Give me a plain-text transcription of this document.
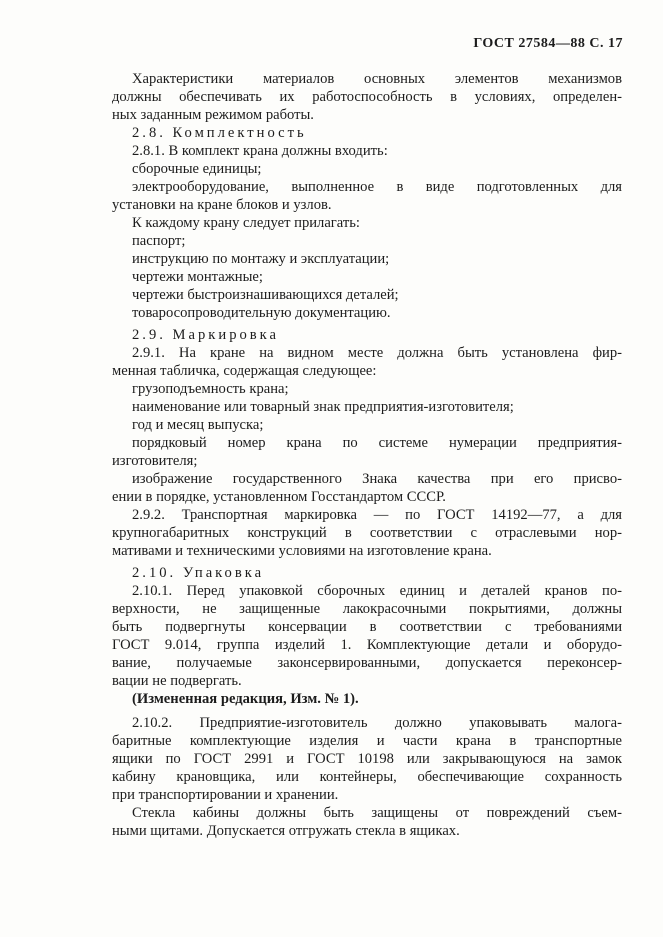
ГОСТ 27584—88 С. 17
Характеристики материалов основных элементов механизмов
должны обеспечивать их работоспособность в условиях, определен-
ных заданным режимом работы.
2.8. Комплектность
2.8.1. В комплект крана должны входить:
сборочные единицы;
электрооборудование, выполненное в виде подготовленных для
установки на кране блоков и узлов.
К каждому крану следует прилагать:
паспорт;
инструкцию по монтажу и эксплуатации;
чертежи монтажные;
чертежи быстроизнашивающихся деталей;
товаросопроводительную документацию.
2.9. Маркировка
2.9.1. На кране на видном месте должна быть установлена фир-
менная табличка, содержащая следующее:
грузоподъемность крана;
наименование или товарный знак предприятия-изготовителя;
год и месяц выпуска;
порядковый номер крана по системе нумерации предприятия-
изготовителя;
изображение государственного Знака качества при его присво-
ении в порядке, установленном Госстандартом СССР.
2.9.2. Транспортная маркировка — по ГОСТ 14192—77, а для
крупногабаритных конструкций в соответствии с отраслевыми нор-
мативами и техническими условиями на изготовление крана.
2.10. Упаковка
2.10.1. Перед упаковкой сборочных единиц и деталей кранов по-
верхности, не защищенные лакокрасочными покрытиями, должны
быть подвергнуты консервации в соответствии с требованиями
ГОСТ 9.014, группа изделий 1. Комплектующие детали и оборудо-
вание, получаемые законсервированными, допускается переконсер-
вации не подвергать.
(Измененная редакция, Изм. № 1).
2.10.2. Предприятие-изготовитель должно упаковывать малога-
баритные комплектующие изделия и части крана в транспортные
ящики по ГОСТ 2991 и ГОСТ 10198 или закрывающуюся на замок
кабину крановщика, или контейнеры, обеспечивающие сохранность
при транспортировании и хранении.
Стекла кабины должны быть защищены от повреждений съем-
ными щитами. Допускается отгружать стекла в ящиках.
